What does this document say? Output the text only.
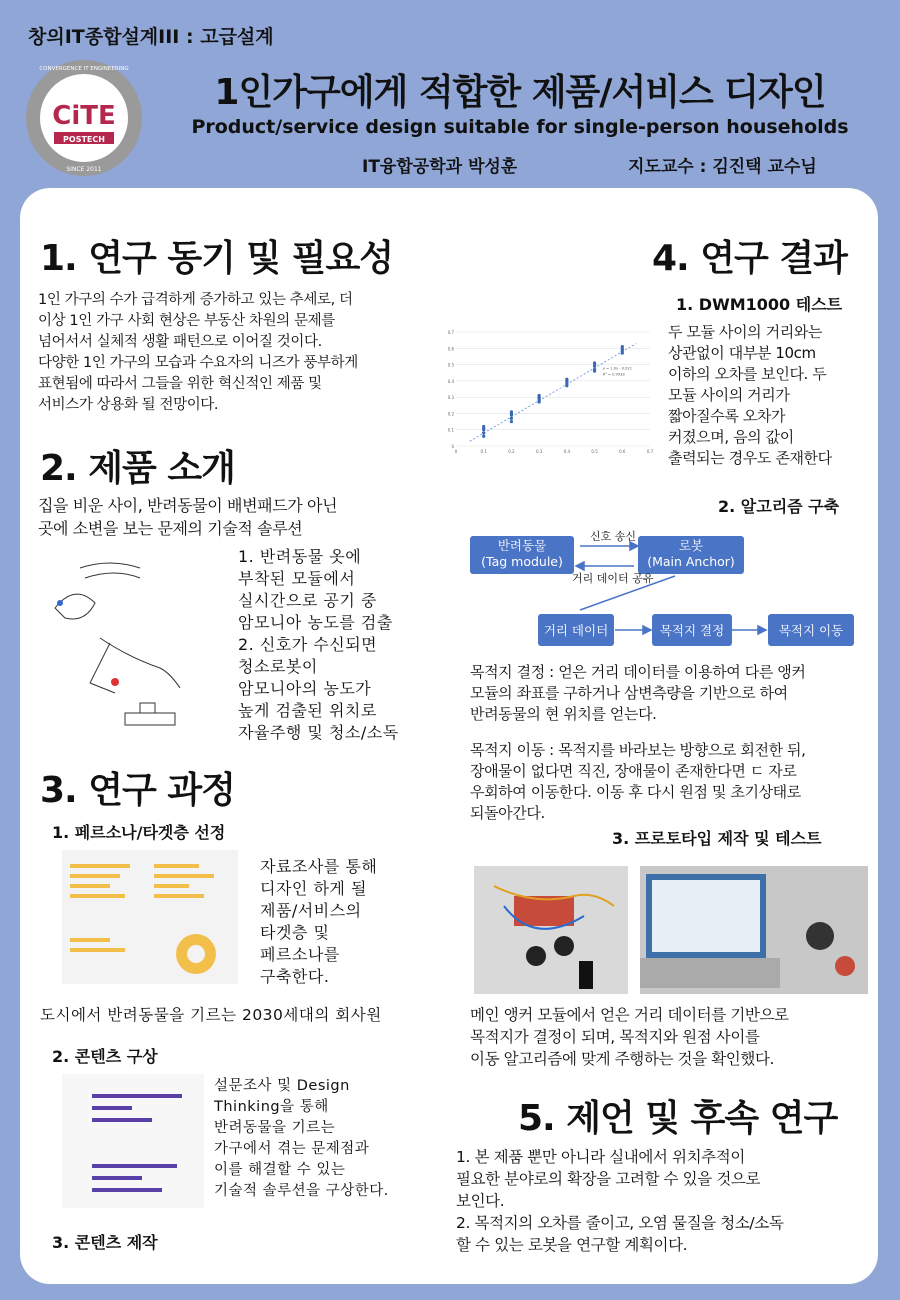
창의IT종합설계III : 고급설계
CiTE
POSTECH
CONVERGENCE IT ENGINEERING
SINCE 2011
1인가구에게 적합한 제품/서비스 디자인
Product/service design suitable for single-person households
IT융합공학과 박성훈	지도교수 : 김진택 교수님
1. 연구 동기 및 필요성

1인 가구의 수가 급격하게 증가하고 있는 추세로, 더

이상 1인 가구 사회 현상은 부동산 차원의 문제를

넘어서서 실체적 생활 패턴으로 이어질 것이다.

다양한 1인 가구의 모습과 수요자의 니즈가 풍부하게

표현됨에 따라서 그들을 위한 혁신적인 제품 및

서비스가 상용화 될 전망이다.

2. 제품 소개

집을 비운 사이, 반려동물이 배변패드가 아닌

곳에 소변을 보는 문제의 기술적 솔루션

1. 반려동물 옷에
부착된 모듈에서
실시간으로 공기 중
암모니아 농도를 검출
2. 신호가 수신되면
청소로봇이
암모니아의 농도가
높게 검출된 위치로
자율주행 및 청소/소독
3. 연구 과정
1. 페르소나/타겟층 선정
자료조사를 통해
디자인 하게 될
제품/서비스의
타겟층 및
페르소나를
구축한다.
도시에서 반려동물을 기르는 2030세대의 회사원
2. 콘텐츠 구상
설문조사 및 Design
Thinking을 통해
반려동물을 기르는
가구에서 겪는 문제점과
이를 해결할 수 있는
기술적 솔루션을 구상한다.
3. 콘텐츠 제작
4. 연구 결과
1. DWM1000 테스트
0
0.1
0.2
0.3
0.4
0.5
0.6
0.7
0	0.1	0.2	0.3	0.4	0.5	0.6	0.7
y = 1.0x - 0.021
R² = 0.9933

두 모듈 사이의 거리와는

상관없이 대부분 10cm

이하의 오차를 보인다. 두

모듈 사이의 거리가

짧아질수록 오차가

커졌으며, 음의 값이

출력되는 경우도 존재한다

2. 알고리즘 구축
반려동물
(Tag module)
로봇
(Main Anchor)
신호 송신
거리 데이터 공유
거리 데이터	목적지 결정	목적지 이동

목적지 결정 : 얻은 거리 데이터를 이용하여 다른 앵커

모듈의 좌표를 구하거나 삼변측량을 기반으로 하여

반려동물의 현 위치를 얻는다.

목적지 이동 : 목적지를 바라보는 방향으로 회전한 뒤,

장애물이 없다면 직진, 장애물이 존재한다면 ㄷ 자로

우회하여 이동한다. 이동 후 다시 원점 및 초기상태로

되돌아간다.

3. 프로토타입 제작 및 테스트

메인 앵커 모듈에서 얻은 거리 데이터를 기반으로

목적지가 결정이 되며, 목적지와 원점 사이를

이동 알고리즘에 맞게 주행하는 것을 확인했다.

5. 제언 및 후속 연구

1. 본 제품 뿐만 아니라 실내에서 위치추적이

필요한 분야로의 확장을 고려할 수 있을 것으로

보인다.

2. 목적지의 오차를 줄이고, 오염 물질을 청소/소독

할 수 있는 로봇을 연구할 계획이다.
